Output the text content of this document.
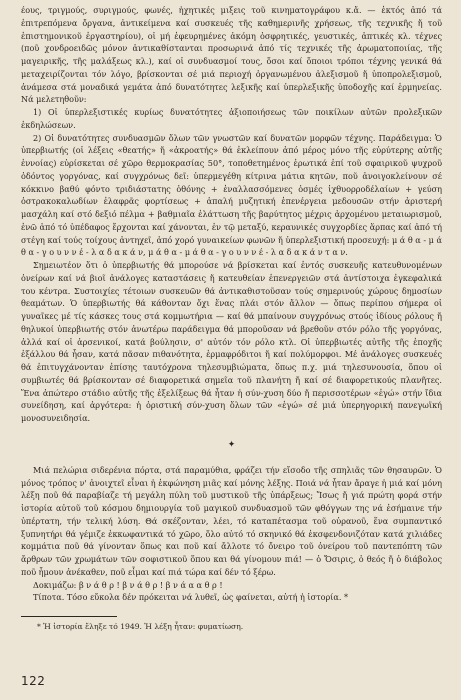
έους, τριγμούς, συριγμούς, φωνές, ἠχητικές μιξεις τοῦ κινηματογράφου κ.ἄ. — ἐκτός ἀπό τά ἐπιτρεπόμενα ὄργανα, ἀντικείμενα καί συσκευές τῆς καθημερινῆς χρήσεως, τῆς τεχνικῆς ἤ τοῦ ἐπιστημονικοῦ ἐργαστηρίου), οἱ μή ἐφευρημένες ἀκόμη ὀσφρητικές, γευστικές, ἁπτικές κλ. τέχνες (ποῦ χονδροειδῶς μόνον ἀντικαθίστανται προσωρινά ἀπό τίς τεχνικές τῆς ἀρωματοποιίας, τῆς μαγειρικῆς, τῆς μαλάξεως κλ.), καί οἱ συνδυασμοί τους, ὅσοι καί ὅποιοι τρόποι τέχνης γενικά θά μεταχειρίζονται τόν λόγο, βρίσκονται σέ μιά περιοχή ὀργανωμένου ἀλεξισμοῦ ἤ ὑποπρολεξισμοῦ, ἀνάμεσα στά μοναδικά γεμάτα ἀπό δυνατότητες λεξικῆς καί ὑπερλεξικῆς ὑποδοχῆς καί ἑρμηνείας. Νά μελετηθοῦν:

1) Οἱ ὑπερλεξιστικές κυρίως δυνατότητες ἀξιοποιήσεως τῶν ποικίλων αὐτῶν προλεξικῶν ἐκδηλώσεων.

2) Οἱ δυνατότητες συνδυασμῶν ὅλων τῶν γνωστῶν καί δυνατῶν μορφῶν τέχνης. Παράδειγμα: Ὁ ὑπερβιωτής (οἱ λέξεις «θεατής» ἤ «ἀκροατής» θά ἐκλείπουν ἀπό μέρος μόνο τῆς εὐρύτερης αὐτῆς ἐννοίας) εὑρίσκεται σέ χῶρο θερμοκρασίας 50°, τοποθετημένος ἐρωτικά ἐπί τοῦ σφαιρικοῦ ψυχροῦ ὀδόντος γοργόνας, καί συγχρόνως δεῖ: ὑπερμεγέθη κίτρινα μάτια κητῶν, ποῦ ἀνοιγοκλείνουν σέ κόκκινο βαθύ φόντο τριδιάστατης ὀθόνης + ἐναλλασσόμενες ὀσμές ἰχθυορροδέλαίων + γεύση ὀστρακοκαλωδίων ἐλαφρᾶς φορτίσεως + ἁπαλή μυζητική ἐπενέργεια μεδουσῶν στήν ἀριστερή μασχάλη καί στό δεξιό πέλμα + βαθμιαῖα ἐλάττωση τῆς βαρύτητος μέχρις ἀρχομένου μεταιωρισμοῦ, ἐνῶ ἀπό τό ὑπέδαφος ἔρχονται καί χάνονται, ἐν τῷ μεταξύ, κεραυνικές συγχορδίες ἅρπας καί ἀπό τή στέγη καί τούς τοίχους ἀντηχεῖ, ἀπό χορό γυναικείων φωνῶν ἤ ὑπερλεξιστική προσευχή: μ ά θ α - μ ά θ α - γ ο υ ν ν έ - λ α δ α κ ά ν, μ ά θ α - μ ά θ α - γ ο υ ν ν έ - λ α δ α κ ά ν τ α ν.

Σημειωτέον ὅτι ὁ ὑπερβιωτής θά μπορούσε νά βρίσκεται καί ἐντός συσκευῆς κατευθυνομένων ὀνείρων καί νά βιοῖ ἀνάλογες καταστάσεις ἤ κατευθείαν ἐπενεργειῶν στά ἀντίστοιχα ἐγκεφαλικά του κέντρα. Συστοιχίες τέτοιων συσκευῶν θά ἀντικαθιστοῦσαν τούς σημερινούς χώρους δημοσίων θεαμάτων. Ὁ ὑπερβιωτής θά κάθονταν ὄχι ἕνας πλάι στόν ἄλλον — ὅπως περίπου σήμερα οἱ γυναῖκες μέ τίς κάσκες τους στά κομμωτήρια — καί θά μπαίνουν συγχρόνως στούς ἰδίους ρόλους ἤ θηλυκοί ὑπερβιωτής στόν ἀνωτέρω παράδειγμα θά μποροῦσαν νά βρεθοῦν στόν ρόλο τῆς γοργόνας, ἀλλά καί οἱ ἀρσενικοί, κατά βούλησιν, σ' αὐτόν τόν ρόλο κτλ. Οἱ ὑπερβιωτές αὐτῆς τῆς ἐποχῆς ἐξάλλου θά ἦσαν, κατά πᾶσαν πιθανότητα, ἑρμαφρόδιτοι ἤ καί πολύμορφοι. Μέ ἀνάλογες συσκευές θά ἐπιτυγχάνονταν ἐπίσης ταυτόχρονα τηλεσυμβιώματα, ὅπως π.χ. μιά τηλεσυνουσία, ὅπου οἱ συμβιωτές θά βρίσκονταν σέ διαφορετικά σημεῖα τοῦ πλανήτη ἤ καί σέ διαφορετικούς πλανῆτες. Ἕνα ἀπώτερο στάδιο αὐτῆς τῆς ἐξελίξεως θά ἦταν ἡ σύν-χυση δύο ἤ περισσοτέρων «ἐγώ» στήν ἴδια συνείδηση, καί ἀργότερα: ἡ ὁριστική σύν-χυση ὅλων τῶν «ἐγώ» σέ μιά ὑπερηγορική πανεγωϊκή μονοσυνειδησία.

✦

Μιά πελώρια σιδερένια πόρτα, στά παραμύθια, φράζει τήν εἴσοδο τῆς σπηλιᾶς τῶν θησαυρῶν. Ὁ μόνος τρόπος ν' ἀνοιχτεῖ εἶναι ἡ ἐκφώνηση μιᾶς καί μόνης λέξης. Ποιά νά ἦταν ἄραγε ἡ μιά καί μόνη λέξη ποῦ θά παραβίαζε τή μεγάλη πύλη τοῦ μυστικοῦ τῆς ὑπάρξεως; Ἴσως ἤ γιά πρώτη φορά στήν ἱστορία αὐτοῦ τοῦ κόσμου δημιουργία τοῦ μαγικοῦ συνδυασμοῦ τῶν φθόγγων της νά ἐσήμαινε τήν ὑπέρτατη, τήν τελική λύση. Θά σκέζονταν, λέει, τό καταπέτασμα τοῦ οὐρανοῦ, ἕνα συμπαντικό ξυπνητήρι θά γέμιζε ἐκκωφαντικά τό χῶρο, ὅλο αὐτό τό σκηνικό θά ἐκσφενδονιζόταν κατά χιλιάδες κομμάτια ποῦ θά γίνονταν ὅπως και ποῦ καί ἄλλοτε τό ὄνειρο τοῦ ὀνείρου τοῦ παντεπόπτη τῶν ἄρθρων τῶν χρωμάτων τῶν σοφιστικοῦ ὅπου και θά γίνομουν πιά! — ὁ Ὄσιρις, ὁ θεός ἤ ὁ διάβολος ποῦ ἦμουν ἀνέκαθεν, ποῦ εἶμαι καί πιά τώρα καί δέν τό ξέρω.

Δοκιμάζω: β ν ά θ ρ ! β ν ά θ ρ ! β ν ά α α θ ρ !

Τίποτα. Τόσο εὔκολα δέν πρόκειται νά λυθεῖ, ὡς φαίνεται, αὐτή ἡ ἱστορία. *

* Ἡ ἱστορία ἔληξε τό 1949. Ἡ λέξη ἦταν: φυματίωση.

122
